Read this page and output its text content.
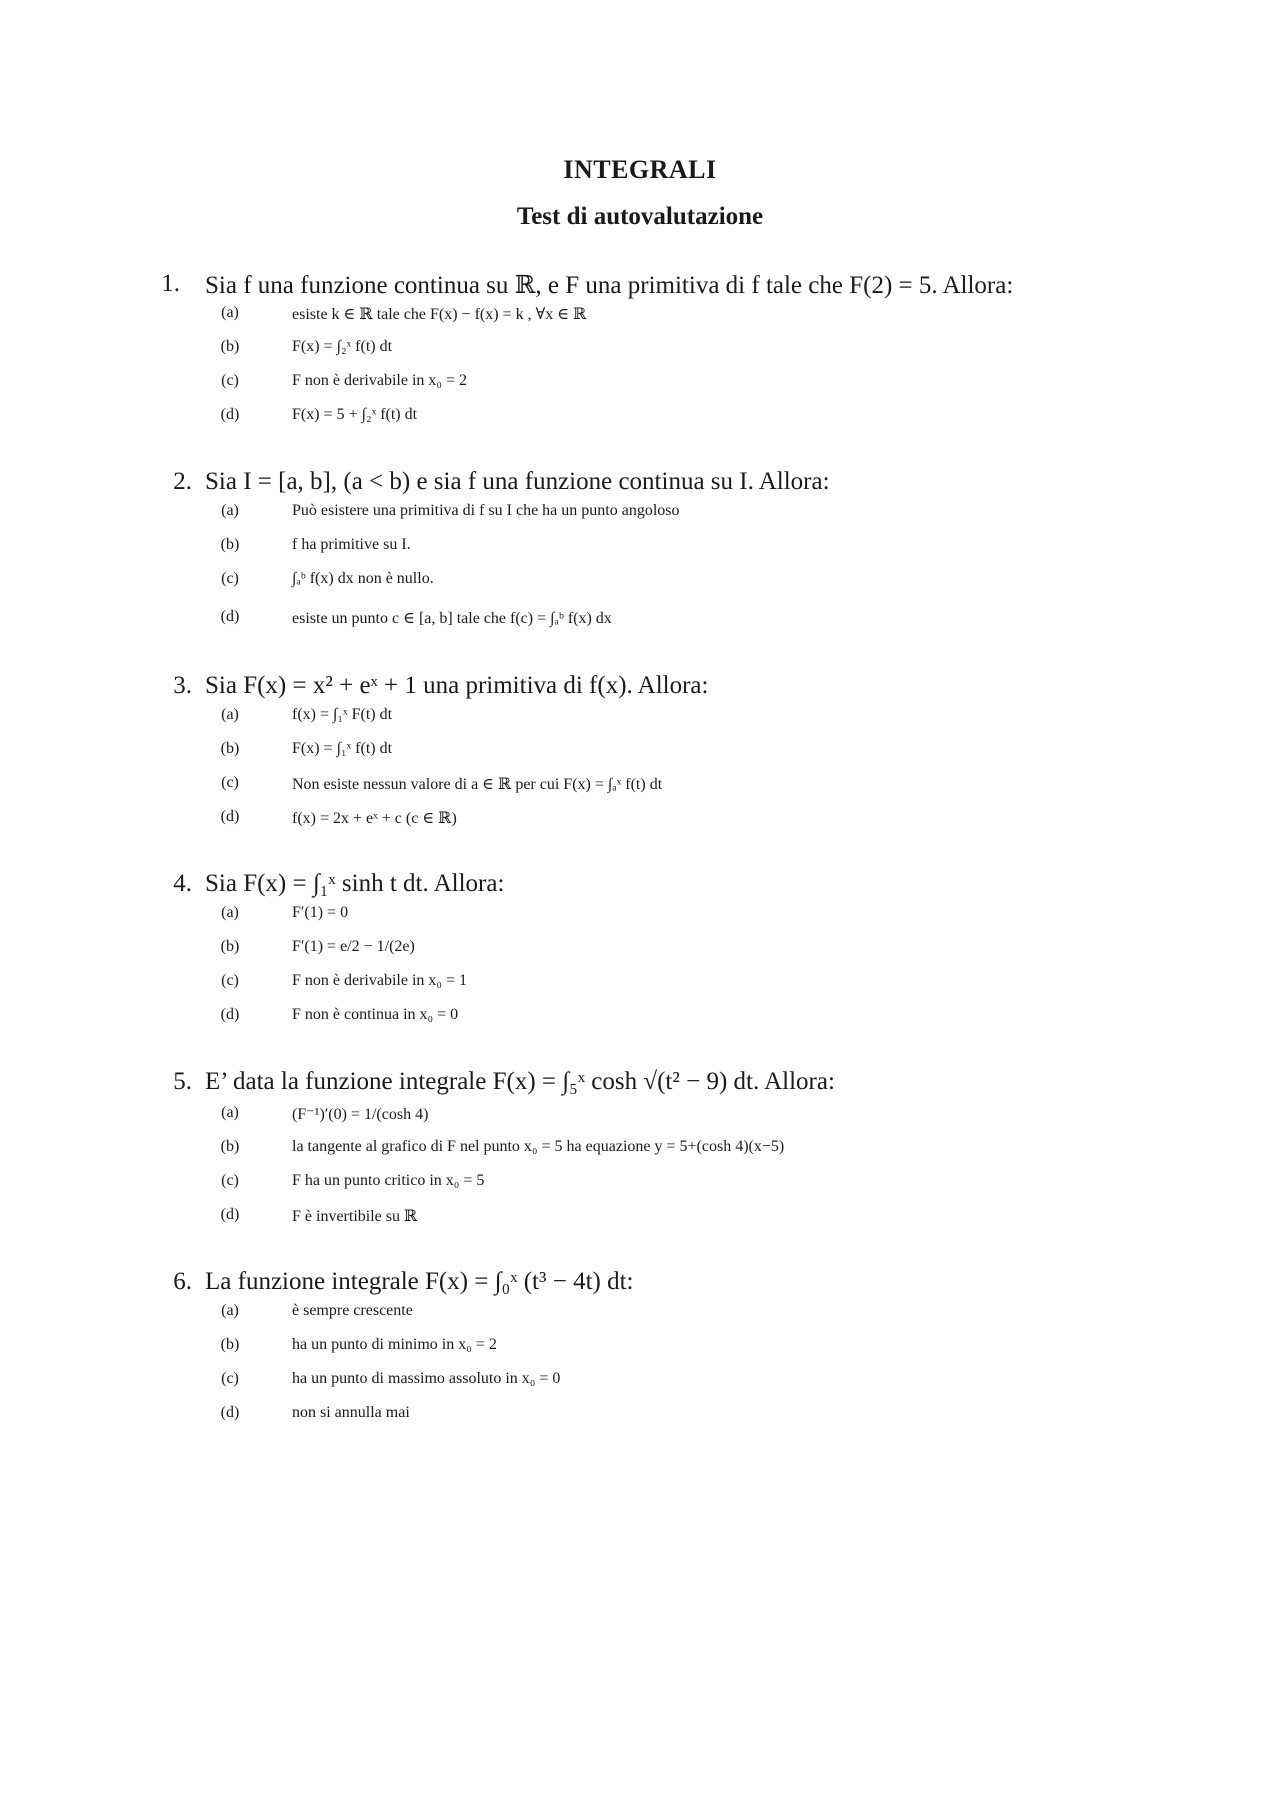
INTEGRALI
Test di autovalutazione
1. Sia f una funzione continua su ℝ, e F una primitiva di f tale che F(2) = 5. Allora:
(a)	esiste k ∈ ℝ tale che F(x) − f(x) = k , ∀x ∈ ℝ
(b)	F(x) = ∫₂ˣ f(t) dt
(c)	F non è derivabile in x₀ = 2
(d)	F(x) = 5 + ∫₂ˣ f(t) dt
2. Sia I = [a, b], (a < b) e sia f una funzione continua su I. Allora:
(a)	Può esistere una primitiva di f su I che ha un punto angoloso
(b)	f ha primitive su I.
(c)	∫ₐᵇ f(x) dx non è nullo.
(d)	esiste un punto c ∈ [a, b] tale che f(c) = ∫ₐᵇ f(x) dx
3. Sia F(x) = x² + eˣ + 1 una primitiva di f(x). Allora:
(a)	f(x) = ∫₁ˣ F(t) dt
(b)	F(x) = ∫₁ˣ f(t) dt
(c)	Non esiste nessun valore di a ∈ ℝ per cui F(x) = ∫ₐˣ f(t) dt
(d)	f(x) = 2x + eˣ + c (c ∈ ℝ)
4. Sia F(x) = ∫₁ˣ sinh t dt. Allora:
(a)	F′(1) = 0
(b)	F′(1) = e/2 − 1/(2e)
(c)	F non è derivabile in x₀ = 1
(d)	F non è continua in x₀ = 0
5. E’ data la funzione integrale F(x) = ∫₅ˣ cosh √(t² − 9) dt. Allora:
(a)	(F⁻¹)′(0) = 1/(cosh 4)
(b)	la tangente al grafico di F nel punto x₀ = 5 ha equazione y = 5+(cosh 4)(x−5)
(c)	F ha un punto critico in x₀ = 5
(d)	F è invertibile su ℝ
6. La funzione integrale F(x) = ∫₀ˣ (t³ − 4t) dt:
(a)	è sempre crescente
(b)	ha un punto di minimo in x₀ = 2
(c)	ha un punto di massimo assoluto in x₀ = 0
(d)	non si annulla mai
